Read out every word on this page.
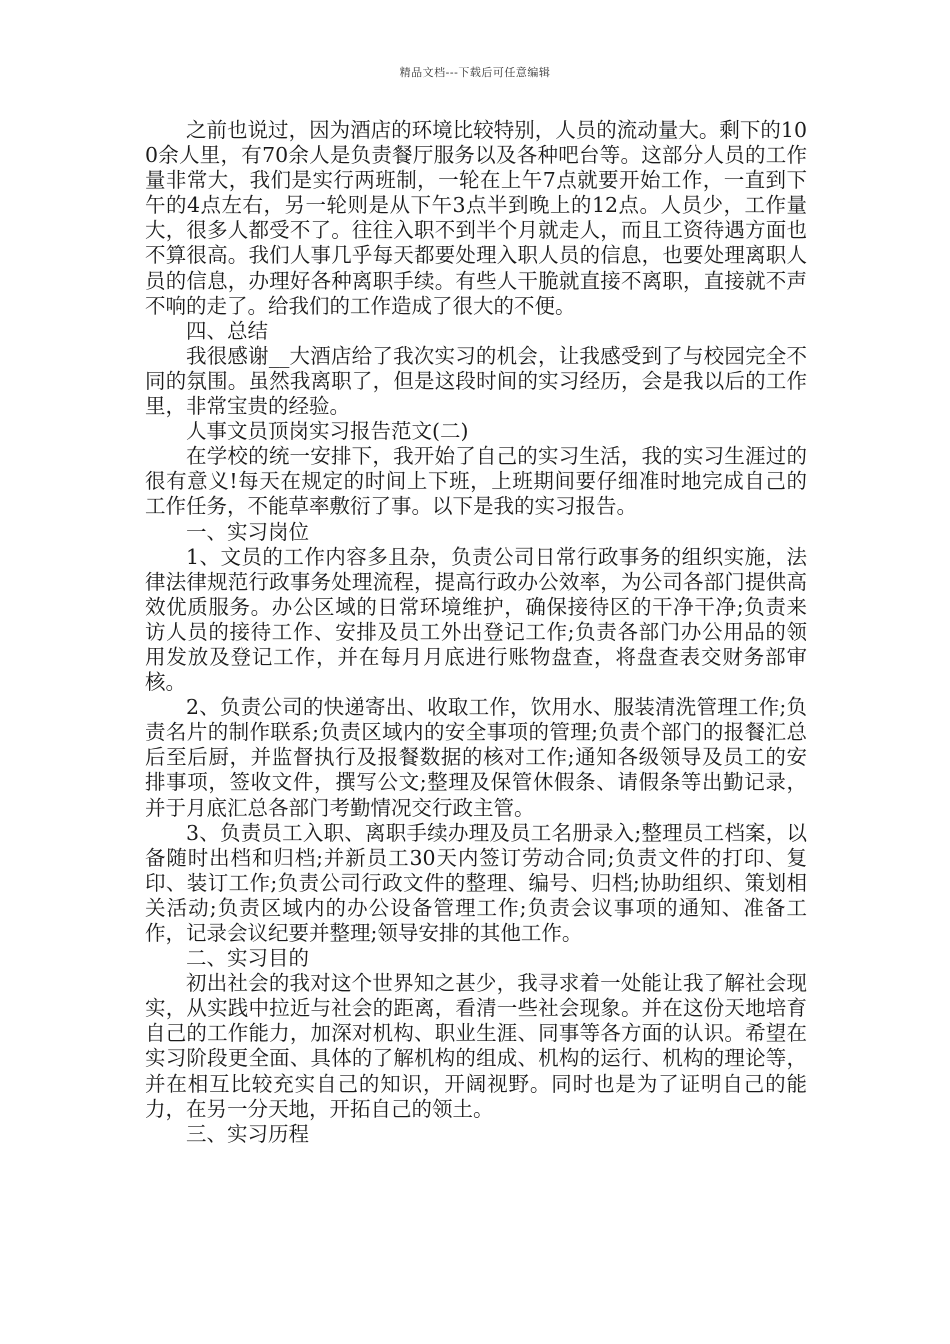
精品文档---下载后可任意编辑

之前也说过，因为酒店的环境比较特别，人员的流动量大。剩下的100余人里，有70余人是负责餐厅服务以及各种吧台等。这部分人员的工作量非常大，我们是实行两班制，一轮在上午7点就要开始工作，一直到下午的4点左右，另一轮则是从下午3点半到晚上的12点。人员少，工作量大，很多人都受不了。往往入职不到半个月就走人，而且工资待遇方面也不算很高。我们人事几乎每天都要处理入职人员的信息，也要处理离职人员的信息，办理好各种离职手续。有些人干脆就直接不离职，直接就不声不响的走了。给我们的工作造成了很大的不便。

四、总结

我很感谢__大酒店给了我次实习的机会，让我感受到了与校园完全不同的氛围。虽然我离职了，但是这段时间的实习经历，会是我以后的工作里，非常宝贵的经验。

人事文员顶岗实习报告范文(二)

在学校的统一安排下，我开始了自己的实习生活，我的实习生涯过的很有意义!每天在规定的时间上下班，上班期间要仔细准时地完成自己的工作任务，不能草率敷衍了事。以下是我的实习报告。

一、实习岗位

1、文员的工作内容多且杂，负责公司日常行政事务的组织实施，法律法律规范行政事务处理流程，提高行政办公效率，为公司各部门提供高效优质服务。办公区域的日常环境维护，确保接待区的干净干净;负责来访人员的接待工作、安排及员工外出登记工作;负责各部门办公用品的领用发放及登记工作，并在每月月底进行账物盘查，将盘查表交财务部审核。

2、负责公司的快递寄出、收取工作，饮用水、服装清洗管理工作;负责名片的制作联系;负责区域内的安全事项的管理;负责个部门的报餐汇总后至后厨，并监督执行及报餐数据的核对工作;通知各级领导及员工的安排事项，签收文件，撰写公文;整理及保管休假条、请假条等出勤记录，并于月底汇总各部门考勤情况交行政主管。

3、负责员工入职、离职手续办理及员工名册录入;整理员工档案，以备随时出档和归档;并新员工30天内签订劳动合同;负责文件的打印、复印、装订工作;负责公司行政文件的整理、编号、归档;协助组织、策划相关活动;负责区域内的办公设备管理工作;负责会议事项的通知、准备工作，记录会议纪要并整理;领导安排的其他工作。

二、实习目的

初出社会的我对这个世界知之甚少，我寻求着一处能让我了解社会现实，从实践中拉近与社会的距离，看清一些社会现象。并在这份天地培育自己的工作能力，加深对机构、职业生涯、同事等各方面的认识。希望在实习阶段更全面、具体的了解机构的组成、机构的运行、机构的理论等，并在相互比较充实自己的知识，开阔视野。同时也是为了证明自己的能力，在另一分天地，开拓自己的领土。

三、实习历程
